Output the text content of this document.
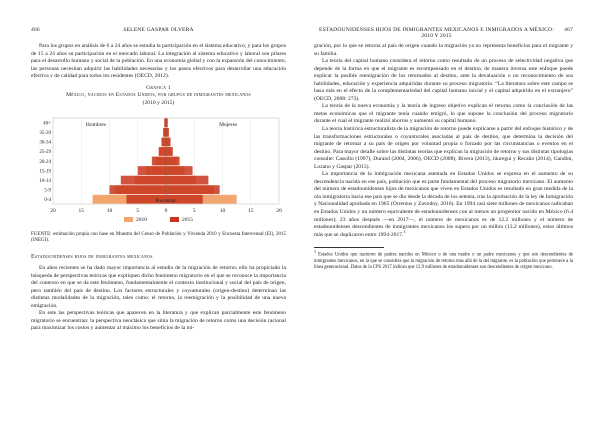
466	SELENE GASPAR OLVERA

Para los grupos en análisis de 6 a 24 años se estudia la participación en el sistema educativo, y para los grupos de 15 a 24 años su participación en el mercado laboral. La integración al sistema educativo y laboral son pilares para el desarrollo humano y social de la población. En una economía global y con la expansión del conocimiento, las personas necesitan adquirir las habilidades necesarias y los pasos efectivos para desarrollar una educación efectiva y de calidad para todos los residentes (OECD, 2012).

Gráfica 1
México, nacidos en Estados Unidos, por grupos de inmigrantes mexicanos
(2010 y 2015)
20	15	10	5	0	5	10	15	20
0-4
5-9
10-14
15-19
20-24
25-29
30-34
35-39
40+	Hombres	Mujeres
Porcentaje
2010	2015
FUENTE: estimación propia con base en Muestra del Censo de Población y Vivienda 2010 y Encuesta Intercensal (EI), 2015 (INEGI).
Estadounidenses hijos de inmigrantes mexicanos

En años recientes se ha dado mayor importancia al estudio de la migración de retorno; ello ha propiciado la búsqueda de perspectivas teóricas que expliquen dicho fenómeno migratorio en el que se reconoce la importancia del contexto en que se da este fenómeno, fundamentalmente el contexto institucional y social del país de origen, pero también del país de destino. Los factores estructurales y coyunturales (origen-destino) determinan las distintas modalidades de la migración, tales como: el retorno, la reemigración y la posibilidad de una nueva emigración.

En este las perspectivas teóricas que aparecen en la literatura y que explican parcialmente este fenómeno migratorio se encuentran: la perspectiva neoclásica que sitúa la migración de retorno como una decisión racional para maximizar los costos y aumentar al máximo los beneficios de la mi-

ESTADOUNIDENSES HIJOS DE INMIGRANTES MEXICANOS E INMIGRADOS A MÉXICO: 2010 Y 2015
467

gración, por lo que se retorna al país de origen cuando la migración ya no representa beneficios para el migrante y su familia.

La teoría del capital humano considera el retorno como resultado de un proceso de selectividad negativa que depende de la forma en que el migrante es recompensado en el destino, de manera inversa este enfoque puede explicar la posible reemigración de los retornados al destino, ante la devaluación o no reconocimiento de sus habilidades, educación y experiencia adquiridas durante su proceso migratorio. “La literatura sobre este campo se basa más en el efecto de la complementariedad del capital humano inicial y el capital adquirido en el extranjero” (OECD, 2008: 273).

La teoría de la nueva economía y la teoría de ingreso objetivo explican el retorno como la conclusión de las metas económicas que el migrante tenía cuando emigró, lo que supone la conclusión del proceso migratorio durante el cual el migrante realizó ahorros y aumentó su capital humano.

La teoría histórica estructuralista de la migración de retorno puede explicarse a partir del enfoque histórico y de las transformaciones estructurales o coyunturales asociadas al país de destino, que determina la decisión del migrante de retornar a su país de origen por voluntad propia o forzado por las circunstancias o eventos en el destino. Para mayor detalle sobre las distintas teorías que explican la migración de retorno y sus distintas tipologías consulte: Cassillo (1997), Durand (2004, 2006), OECD (2008), Rivera (2013), Jáuregui y Recaño (2014), Gandini, Lozano y Gaspar (2015).

La importancia de la inmigración mexicana asentada en Estados Unidos se expresa en el aumento de su descendencia nacida en ese país, población que es parte fundamental del proceso migratorio mexicano. El aumento del número de estadounidenses hijos de mexicanos que viven en Estados Unidos es resultado en gran medida de la ola inmigratoria hacia ese país que se dio desde la década de los setenta, tras la aprobación de la ley de Inmigración y Nacionalidad aprobada en 1965 (Orrenius y Zavodny, 2016). En 1994 casi siete millones de mexicanos radicaban en Estados Unidos y un número equivalente de estadounidenses con al menos un progenitor nacido en México (6.4 millones); 23 años después —en 2017—, el número de mexicanos es de 12.2 millones y el número de estadounidenses descendientes de inmigrantes mexicanos los supera por un millón (13.2 millones), estos últimos más que se duplicaron entre 1994-2017.$^3$

$^3$ Estados Unidos que nacieron de padres nacidos en México o de una madre o un padre mexicanos y que son descendientes de inmigrantes mexicanos, en la que se considera que la migración de retorno más allá de la del migrante, es la población que pertenece a la línea generacional. Datos de la CPS 2017 indican que 12.9 millones de estadounidenses son descendientes de origen mexicano.
